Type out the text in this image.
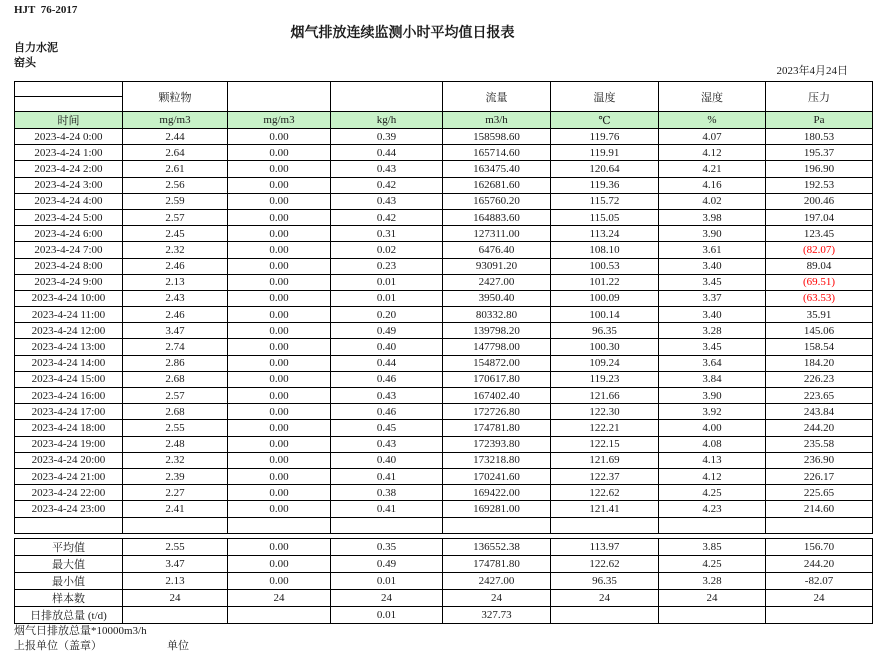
HJT  76-2017
烟气排放连续监测小时平均值日报表
自力水泥
窑头
2023年4月24日
	颗粒物			流量	温度	湿度	压力

时间	mg/m3	mg/m3	kg/h	m3/h	℃	%	Pa
2023-4-24 0:00	2.44	0.00	0.39	158598.60	119.76	4.07	180.53
2023-4-24 1:00	2.64	0.00	0.44	165714.60	119.91	4.12	195.37
2023-4-24 2:00	2.61	0.00	0.43	163475.40	120.64	4.21	196.90
2023-4-24 3:00	2.56	0.00	0.42	162681.60	119.36	4.16	192.53
2023-4-24 4:00	2.59	0.00	0.43	165760.20	115.72	4.02	200.46
2023-4-24 5:00	2.57	0.00	0.42	164883.60	115.05	3.98	197.04
2023-4-24 6:00	2.45	0.00	0.31	127311.00	113.24	3.90	123.45
2023-4-24 7:00	2.32	0.00	0.02	6476.40	108.10	3.61	(82.07)
2023-4-24 8:00	2.46	0.00	0.23	93091.20	100.53	3.40	89.04
2023-4-24 9:00	2.13	0.00	0.01	2427.00	101.22	3.45	(69.51)
2023-4-24 10:00	2.43	0.00	0.01	3950.40	100.09	3.37	(63.53)
2023-4-24 11:00	2.46	0.00	0.20	80332.80	100.14	3.40	35.91
2023-4-24 12:00	3.47	0.00	0.49	139798.20	96.35	3.28	145.06
2023-4-24 13:00	2.74	0.00	0.40	147798.00	100.30	3.45	158.54
2023-4-24 14:00	2.86	0.00	0.44	154872.00	109.24	3.64	184.20
2023-4-24 15:00	2.68	0.00	0.46	170617.80	119.23	3.84	226.23
2023-4-24 16:00	2.57	0.00	0.43	167402.40	121.66	3.90	223.65
2023-4-24 17:00	2.68	0.00	0.46	172726.80	122.30	3.92	243.84
2023-4-24 18:00	2.55	0.00	0.45	174781.80	122.21	4.00	244.20
2023-4-24 19:00	2.48	0.00	0.43	172393.80	122.15	4.08	235.58
2023-4-24 20:00	2.32	0.00	0.40	173218.80	121.69	4.13	236.90
2023-4-24 21:00	2.39	0.00	0.41	170241.60	122.37	4.12	226.17
2023-4-24 22:00	2.27	0.00	0.38	169422.00	122.62	4.25	225.65
2023-4-24 23:00	2.41	0.00	0.41	169281.00	121.41	4.23	214.60

平均值	2.55	0.00	0.35	136552.38	113.97	3.85	156.70
最大值	3.47	0.00	0.49	174781.80	122.62	4.25	244.20
最小值	2.13	0.00	0.01	2427.00	96.35	3.28	-82.07
样本数	24	24	24	24	24	24	24
日排放总量 (t/d)			0.01	327.73			
烟气日排放总量*10000m3/h
上报单位（盖章）	单位
